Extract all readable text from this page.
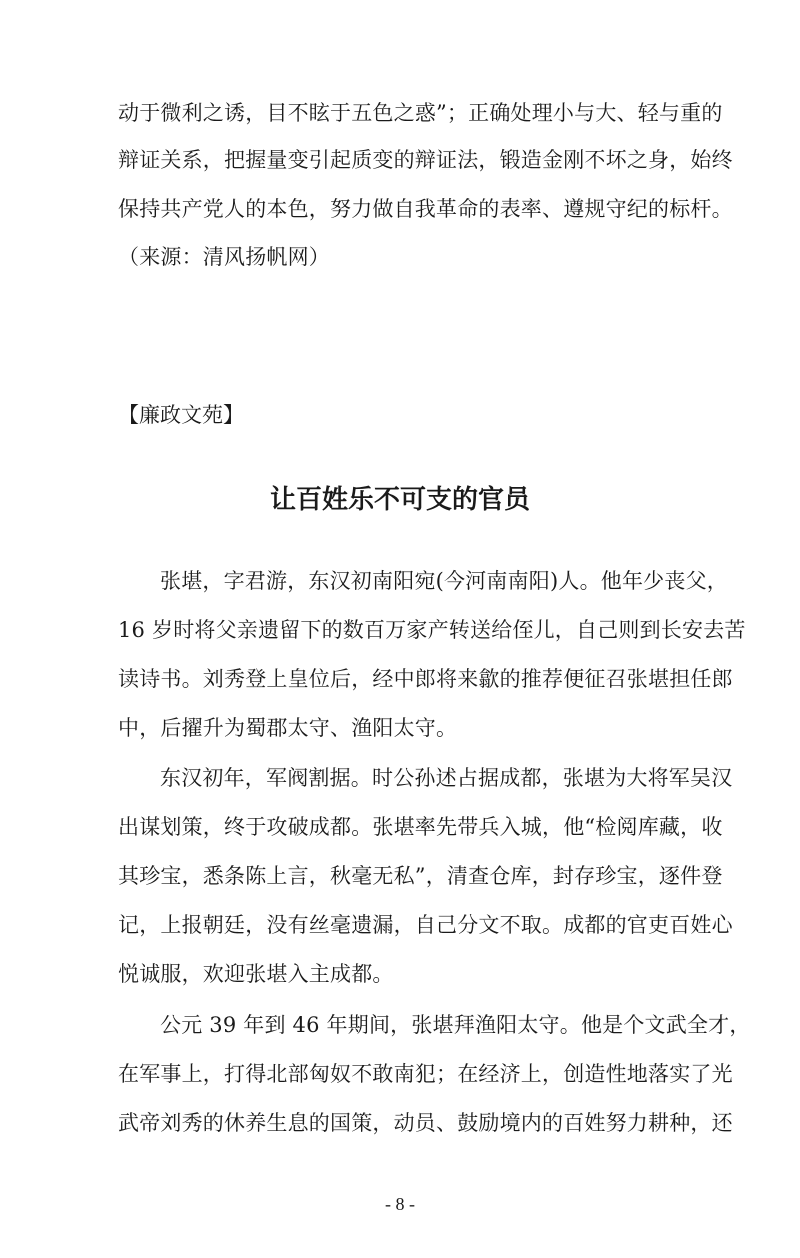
动于微利之诱，目不眩于五色之惑”；正确处理小与大、轻与重的
辩证关系，把握量变引起质变的辩证法，锻造金刚不坏之身，始终
保持共产党人的本色，努力做自我革命的表率、遵规守纪的标杆。
（来源：清风扬帆网）
【廉政文苑】
让百姓乐不可支的官员
张堪，字君游，东汉初南阳宛(今河南南阳)人。他年少丧父，
16 岁时将父亲遗留下的数百万家产转送给侄儿，自己则到长安去苦
读诗书。刘秀登上皇位后，经中郎将来歙的推荐便征召张堪担任郎
中，后擢升为蜀郡太守、渔阳太守。
东汉初年，军阀割据。时公孙述占据成都，张堪为大将军吴汉
出谋划策，终于攻破成都。张堪率先带兵入城，他“检阅库藏，收
其珍宝，悉条陈上言，秋毫无私”，清查仓库，封存珍宝，逐件登
记，上报朝廷，没有丝毫遗漏，自己分文不取。成都的官吏百姓心
悦诚服，欢迎张堪入主成都。
公元 39 年到 46 年期间，张堪拜渔阳太守。他是个文武全才，
在军事上，打得北部匈奴不敢南犯；在经济上，创造性地落实了光
武帝刘秀的休养生息的国策，动员、鼓励境内的百姓努力耕种，还
- 8 -
